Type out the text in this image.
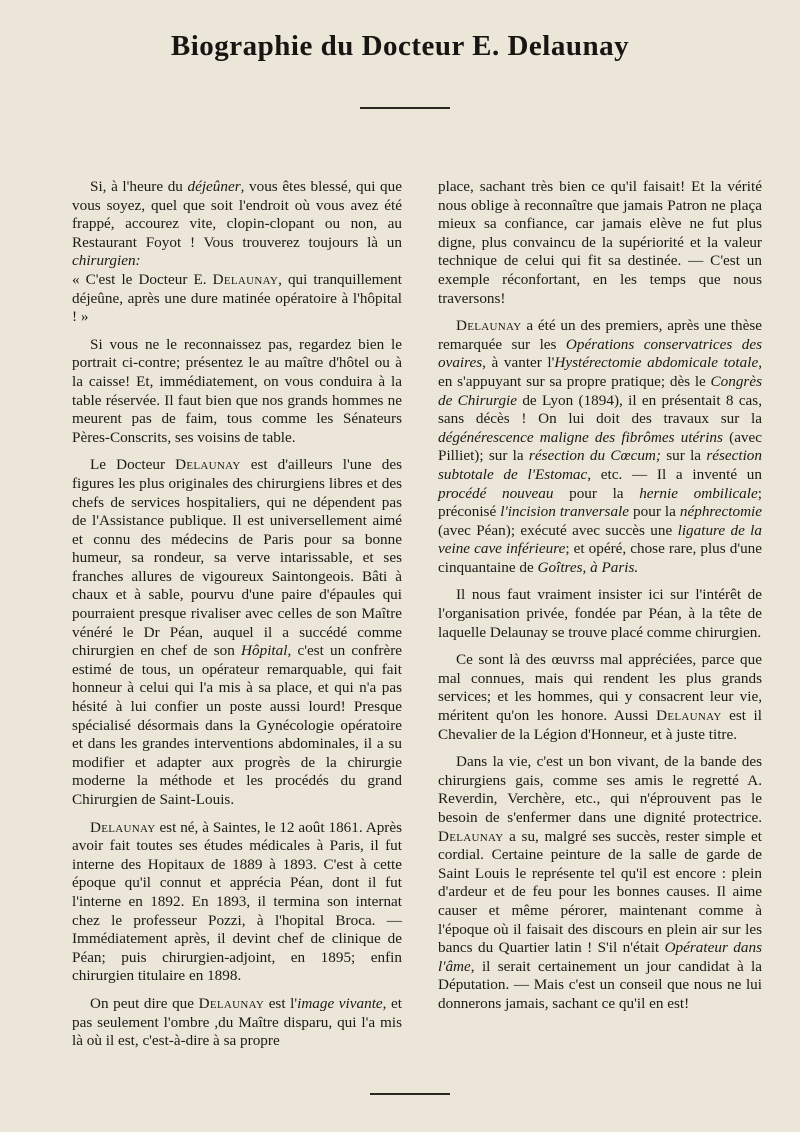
Biographie du Docteur E. Delaunay

Si, à l'heure du déjeûner, vous êtes blessé, qui que vous soyez, quel que soit l'endroit où vous avez été frappé, accourez vite, clopin-clopant ou non, au Restaurant Foyot ! Vous trouverez toujours là un chirurgien:
« C'est le Docteur E. Delaunay, qui tranquillement déjeûne, après une dure matinée opératoire à l'hôpital ! »

Si vous ne le reconnaissez pas, regardez bien le portrait ci-contre; présentez le au maître d'hôtel ou à la caisse! Et, immédiatement, on vous conduira à la table réservée. Il faut bien que nos grands hommes ne meurent pas de faim, tous comme les Sénateurs Pères-Conscrits, ses voisins de table.

Le Docteur Delaunay est d'ailleurs l'une des figures les plus originales des chirurgiens libres et des chefs de services hospitaliers, qui ne dépendent pas de l'Assistance publique. Il est universellement aimé et connu des médecins de Paris pour sa bonne humeur, sa rondeur, sa verve intarissable, et ses franches allures de vigoureux Saintongeois. Bâti à chaux et à sable, pourvu d'une paire d'épaules qui pourraient presque rivaliser avec celles de son Maître vénéré le Dr Péan, auquel il a succédé comme chirurgien en chef de son Hôpital, c'est un confrère estimé de tous, un opérateur remarquable, qui fait honneur à celui qui l'a mis à sa place, et qui n'a pas hésité à lui confier un poste aussi lourd! Presque spécialisé désormais dans la Gynécologie opératoire et dans les grandes interventions abdominales, il a su modifier et adapter aux progrès de la chirurgie moderne la méthode et les procédés du grand Chirurgien de Saint-Louis.

Delaunay est né, à Saintes, le 12 août 1861. Après avoir fait toutes ses études médicales à Paris, il fut interne des Hopitaux de 1889 à 1893. C'est à cette époque qu'il connut et apprécia Péan, dont il fut l'interne en 1892. En 1893, il termina son internat chez le professeur Pozzi, à l'hopital Broca. — Immédiatement après, il devint chef de clinique de Péan; puis chirurgien-adjoint, en 1895; enfin chirurgien titulaire en 1898.

On peut dire que Delaunay est l'image vivante, et pas seulement l'ombre ,du Maître disparu, qui l'a mis là où il est, c'est-à-dire à sa propre

place, sachant très bien ce qu'il faisait! Et la vérité nous oblige à reconnaître que jamais Patron ne plaça mieux sa confiance, car jamais elève ne fut plus digne, plus convaincu de la supériorité et la valeur technique de celui qui fit sa destinée. — C'est un exemple réconfortant, en les temps que nous traversons!

Delaunay a été un des premiers, après une thèse remarquée sur les Opérations conservatrices des ovaires, à vanter l'Hystérectomie abdomicale totale, en s'appuyant sur sa propre pratique; dès le Congrès de Chirurgie de Lyon (1894), il en présentait 8 cas, sans décès ! On lui doit des travaux sur la dégénérescence maligne des fibrômes utérins (avec Pilliet); sur la résection du Cœcum; sur la résection subtotale de l'Estomac, etc. — Il a inventé un procédé nouveau pour la hernie ombilicale; préconisé l'incision tranversale pour la néphrectomie (avec Péan); exécuté avec succès une ligature de la veine cave inférieure; et opéré, chose rare, plus d'une cinquantaine de Goîtres, à Paris.

Il nous faut vraiment insister ici sur l'intérêt de l'organisation privée, fondée par Péan, à la tête de laquelle Delaunay se trouve placé comme chirurgien.

Ce sont là des œuvrss mal appréciées, parce que mal connues, mais qui rendent les plus grands services; et les hommes, qui y consacrent leur vie, méritent qu'on les honore. Aussi Delaunay est il Chevalier de la Légion d'Honneur, et à juste titre.

Dans la vie, c'est un bon vivant, de la bande des chirurgiens gais, comme ses amis le regretté A. Reverdin, Verchère, etc., qui n'éprouvent pas le besoin de s'enfermer dans une dignité protectrice. Delaunay a su, malgré ses succès, rester simple et cordial. Certaine peinture de la salle de garde de Saint Louis le représente tel qu'il est encore : plein d'ardeur et de feu pour les bonnes causes. Il aime causer et même pérorer, maintenant comme à l'époque où il faisait des discours en plein air sur les bancs du Quartier latin ! S'il n'était Opérateur dans l'âme, il serait certainement un jour candidat à la Députation. — Mais c'est un conseil que nous ne lui donnerons jamais, sachant ce qu'il en est!
